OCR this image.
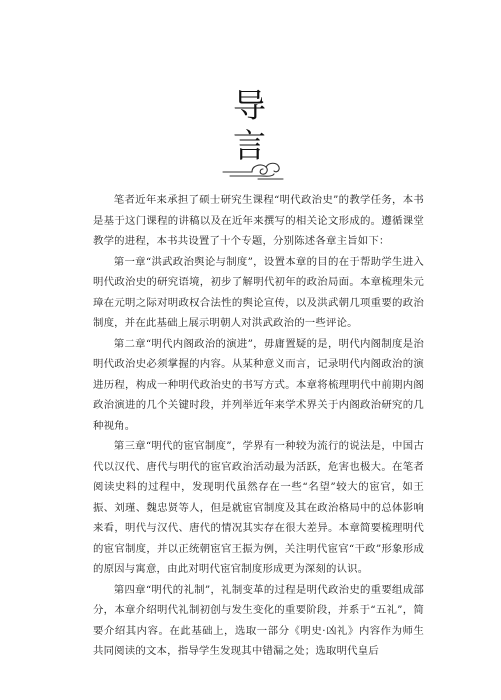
导
言

笔者近年来承担了硕士研究生课程“明代政治史”的教学任务，本书是基于这门课程的讲稿以及在近年来撰写的相关论文形成的。遵循课堂教学的进程，本书共设置了十个专题，分别陈述各章主旨如下：

第一章“洪武政治舆论与制度”，设置本章的目的在于帮助学生进入明代政治史的研究语境，初步了解明代初年的政治局面。本章梳理朱元璋在元明之际对明政权合法性的舆论宣传，以及洪武朝几项重要的政治制度，并在此基础上展示明朝人对洪武政治的一些评论。

第二章“明代内阁政治的演进”，毋庸置疑的是，明代内阁制度是治明代政治史必须掌握的内容。从某种意义而言，记录明代内阁政治的演进历程，构成一种明代政治史的书写方式。本章将梳理明代中前期内阁政治演进的几个关键时段，并列举近年来学术界关于内阁政治研究的几种视角。

第三章“明代的宦官制度”，学界有一种较为流行的说法是，中国古代以汉代、唐代与明代的宦官政治活动最为活跃，危害也极大。在笔者阅读史料的过程中，发现明代虽然存在一些“名望”较大的宦官，如王振、刘瑾、魏忠贤等人，但是就宦官制度及其在政治格局中的总体影响来看，明代与汉代、唐代的情况其实存在很大差异。本章简要梳理明代的宦官制度，并以正统朝宦官王振为例，关注明代宦官“干政”形象形成的原因与寓意，由此对明代宦官制度形成更为深刻的认识。

第四章“明代的礼制”，礼制变革的过程是明代政治史的重要组成部分，本章介绍明代礼制初创与发生变化的重要阶段，并系于“五礼”，简要介绍其内容。在此基础上，选取一部分《明史·凶礼》内容作为师生共同阅读的文本，指导学生发现其中错漏之处；选取明代皇后
